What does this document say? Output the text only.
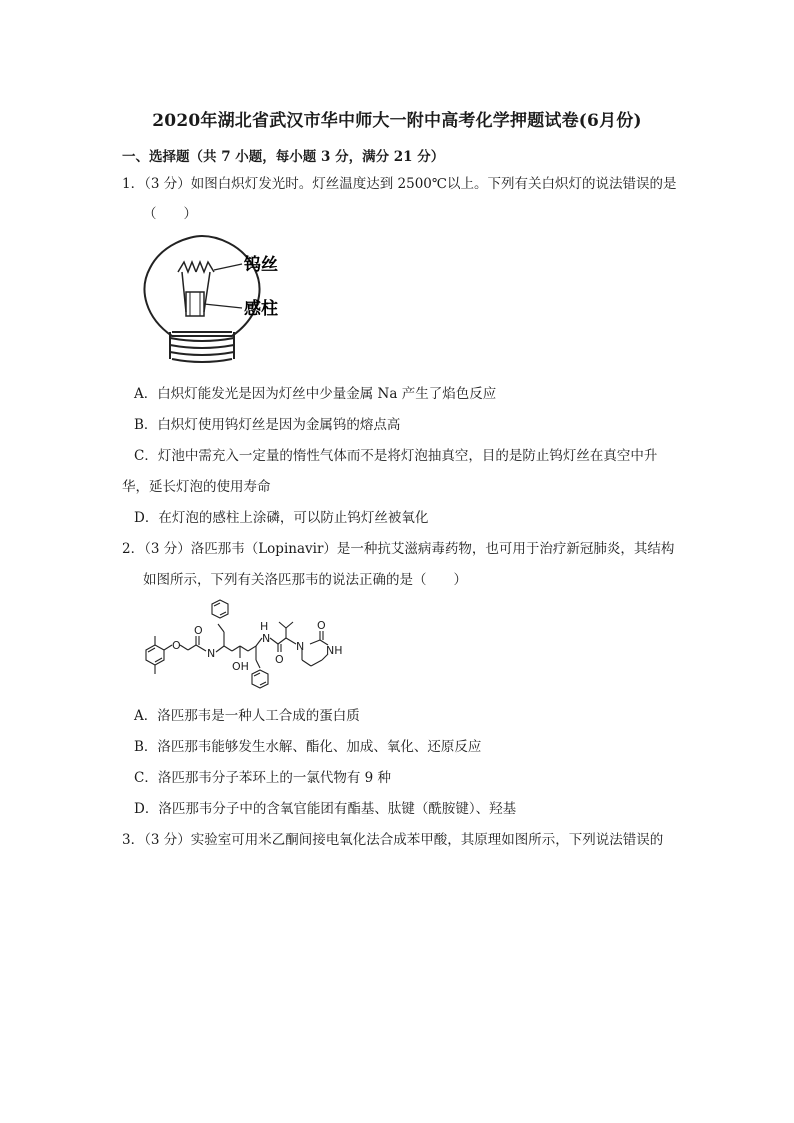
2020年湖北省武汉市华中师大一附中高考化学押题试卷(6月份)
一、选择题（共 7 小题，每小题 3 分，满分 21 分）
1．（3 分）如图白炽灯发光时。灯丝温度达到 2500℃以上。下列有关白炽灯的说法错误的是
（　　）
钨丝
感柱
A．白炽灯能发光是因为灯丝中少量金属 Na 产生了焰色反应
B．白炽灯使用钨灯丝是因为金属钨的熔点高
C．灯池中需充入一定量的惰性气体而不是将灯泡抽真空，目的是防止钨灯丝在真空中升
华，延长灯泡的使用寿命
D．在灯泡的感柱上涂磷，可以防止钨灯丝被氧化
2．（3 分）洛匹那韦（Lopinavir）是一种抗艾滋病毒药物，也可用于治疗新冠肺炎，其结构
如图所示，下列有关洛匹那韦的说法正确的是（　　）
O
O
N
OH
H
N
O
N NH
O
A．洛匹那韦是一种人工合成的蛋白质
B．洛匹那韦能够发生水解、酯化、加成、氧化、还原反应
C．洛匹那韦分子苯环上的一氯代物有 9 种
D．洛匹那韦分子中的含氧官能团有酯基、肽键（酰胺键）、羟基
3．（3 分）实验室可用米乙酮间接电氧化法合成苯甲酸，其原理如图所示，下列说法错误的
